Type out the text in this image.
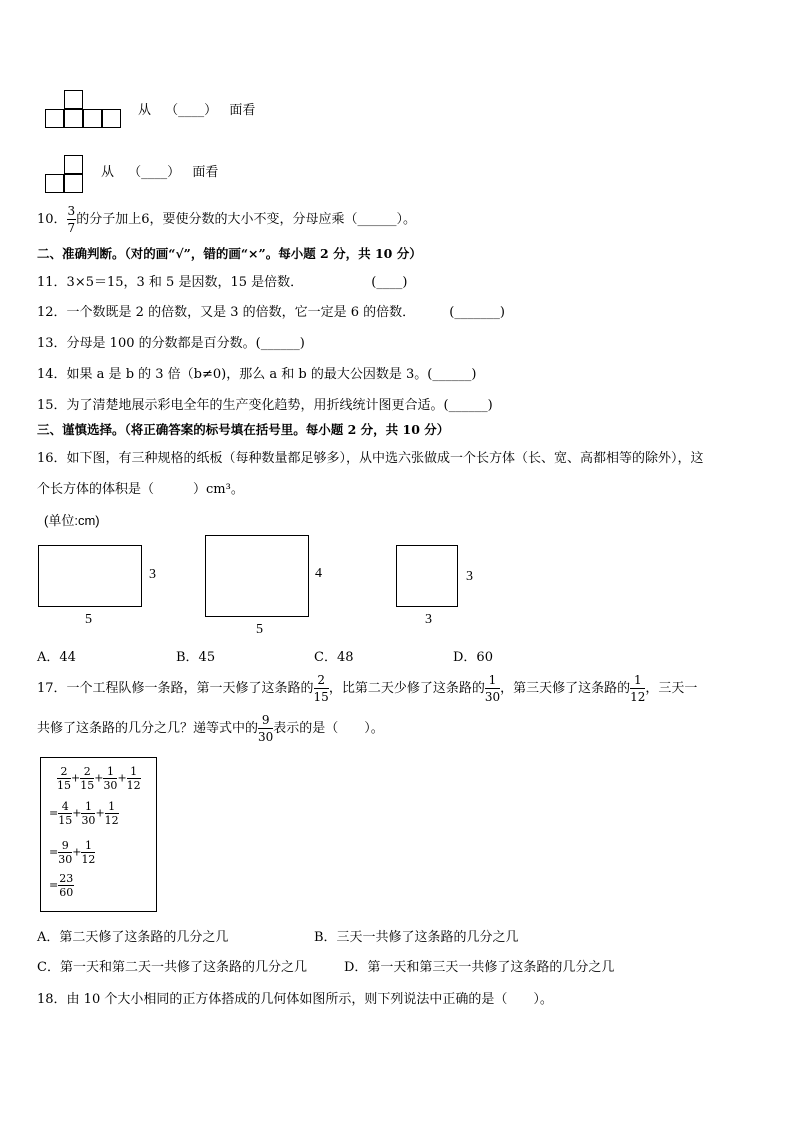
从 （____） 面看
从 （____） 面看
10． $\frac{3}{7}$ 的分子加上6，要使分数的大小不变，分母应乘（______）。
二、准确判断。（对的画“√”，错的画“×”。每小题 2 分，共 10 分）
11．3×5＝15，3 和 5 是因数，15 是倍数．	(____)
12．一个数既是 2 的倍数，又是 3 的倍数，它一定是 6 的倍数．	(_______)
13．分母是 100 的分数都是百分数。(______)
14．如果 a 是 b 的 3 倍（b≠0)，那么 a 和 b 的最大公因数是 3。(______)
15．为了清楚地展示彩电全年的生产变化趋势，用折线统计图更合适。(______)
三、谨慎选择。（将正确答案的标号填在括号里。每小题 2 分，共 10 分）
16．如下图，有三种规格的纸板（每种数量都足够多），从中选六张做成一个长方体（长、宽、高都相等的除外），这
个长方体的体积是（　　　）cm³。
(单位:cm)
3
5
4
5
3
3
A．44	B．45	C．48	D．60
17．一个工程队修一条路，第一天修了这条路的 $\frac{2}{15}$ ，比第二天少修了这条路的 $\frac{1}{30}$ ，第三天修了这条路的 $\frac{1}{12}$ ，三天一
共修了这条路的几分之几？递等式中的 $\frac{9}{30}$ 表示的是（　　）。
$\frac{2}{15} + \frac{2}{15} + \frac{1}{30} + \frac{1}{12}$
= $\frac{4}{15} + \frac{1}{30} + \frac{1}{12}$
= $\frac{9}{30} + \frac{1}{12}$
= $\frac{23}{60}$
A．第二天修了这条路的几分之几	B．三天一共修了这条路的几分之几
C．第一天和第二天一共修了这条路的几分之几	D．第一天和第三天一共修了这条路的几分之几
18．由 10 个大小相同的正方体搭成的几何体如图所示，则下列说法中正确的是（　　）。
